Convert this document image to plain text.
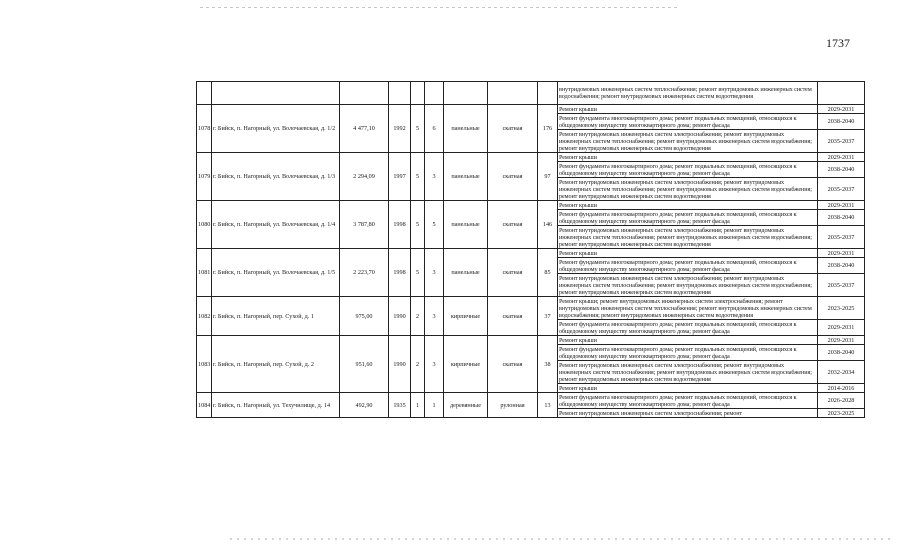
1737
									внутридомовых инженерных систем теплоснабжения; ремонт внутридомовых инженерных систем водоснабжения; ремонт внутридомовых инженерных систем водоотведения	
1078	г. Бийск, п. Нагорный, ул. Волочаевская, д. 1/2	4 477,10	1992	5	6	панельные	скатная	176	Ремонт крыши	2029-2031
									Ремонт фундамента многоквартирного дома; ремонт подвальных помещений, относящихся к общедомовому имуществу многоквартирного дома; ремонт фасада	2038-2040
									Ремонт внутридомовых инженерных систем электроснабжения; ремонт внутридомовых инженерных систем теплоснабжения; ремонт внутридомовых инженерных систем водоснабжения; ремонт внутридомовых инженерных систем водоотведения	2035-2037
1079	г. Бийск, п. Нагорный, ул. Волочаевская, д. 1/3	2 294,09	1997	5	3	панельные	скатная	97	Ремонт крыши	2029-2031
									Ремонт фундамента многоквартирного дома; ремонт подвальных помещений, относящихся к общедомовому имуществу многоквартирного дома; ремонт фасада	2038-2040
									Ремонт внутридомовых инженерных систем электроснабжения; ремонт внутридомовых инженерных систем теплоснабжения; ремонт внутридомовых инженерных систем водоснабжения; ремонт внутридомовых инженерных систем водоотведения	2035-2037
1080	г. Бийск, п. Нагорный, ул. Волочаевская, д. 1/4	3 787,80	1998	5	5	панельные	скатная	146	Ремонт крыши	2029-2031
									Ремонт фундамента многоквартирного дома; ремонт подвальных помещений, относящихся к общедомовому имуществу многоквартирного дома; ремонт фасада	2038-2040
									Ремонт внутридомовых инженерных систем электроснабжения; ремонт внутридомовых инженерных систем теплоснабжения; ремонт внутридомовых инженерных систем водоснабжения; ремонт внутридомовых инженерных систем водоотведения	2035-2037
1081	г. Бийск, п. Нагорный, ул. Волочаевская, д. 1/5	2 223,70	1998	5	3	панельные	скатная	85	Ремонт крыши	2029-2031
									Ремонт фундамента многоквартирного дома; ремонт подвальных помещений, относящихся к общедомовому имуществу многоквартирного дома; ремонт фасада	2038-2040
									Ремонт внутридомовых инженерных систем электроснабжения; ремонт внутридомовых инженерных систем теплоснабжения; ремонт внутридомовых инженерных систем водоснабжения; ремонт внутридомовых инженерных систем водоотведения	2035-2037
1082	г. Бийск, п. Нагорный, пер. Сухой, д. 1	975,00	1990	2	3	кирпичные	скатная	37	Ремонт крыши; ремонт внутридомовых инженерных систем электроснабжения; ремонт внутридомовых инженерных систем теплоснабжения; ремонт внутридомовых инженерных систем водоснабжения; ремонт внутридомовых инженерных систем водоотведения	2023-2025
									Ремонт фундамента многоквартирного дома; ремонт подвальных помещений, относящихся к общедомовому имуществу многоквартирного дома; ремонт фасада	2029-2031
1083	г. Бийск, п. Нагорный, пер. Сухой, д. 2	951,60	1990	2	3	кирпичные	скатная	38	Ремонт крыши	2029-2031
									Ремонт фундамента многоквартирного дома; ремонт подвальных помещений, относящихся к общедомовому имуществу многоквартирного дома; ремонт фасада	2038-2040
									Ремонт внутридомовых инженерных систем электроснабжения; ремонт внутридомовых инженерных систем теплоснабжения; ремонт внутридомовых инженерных систем водоснабжения; ремонт внутридомовых инженерных систем водоотведения	2032-2034
									Ремонт крыши	2014-2016
1084	г. Бийск, п. Нагорный, ул. Техучилище, д. 14	492,90	1935	1	1	деревянные	рулонная	13	Ремонт фундамента многоквартирного дома; ремонт подвальных помещений, относящихся к общедомовому имуществу многоквартирного дома; ремонт фасада	2026-2028
									Ремонт внутридомовых инженерных систем электроснабжения; ремонт	2023-2025
